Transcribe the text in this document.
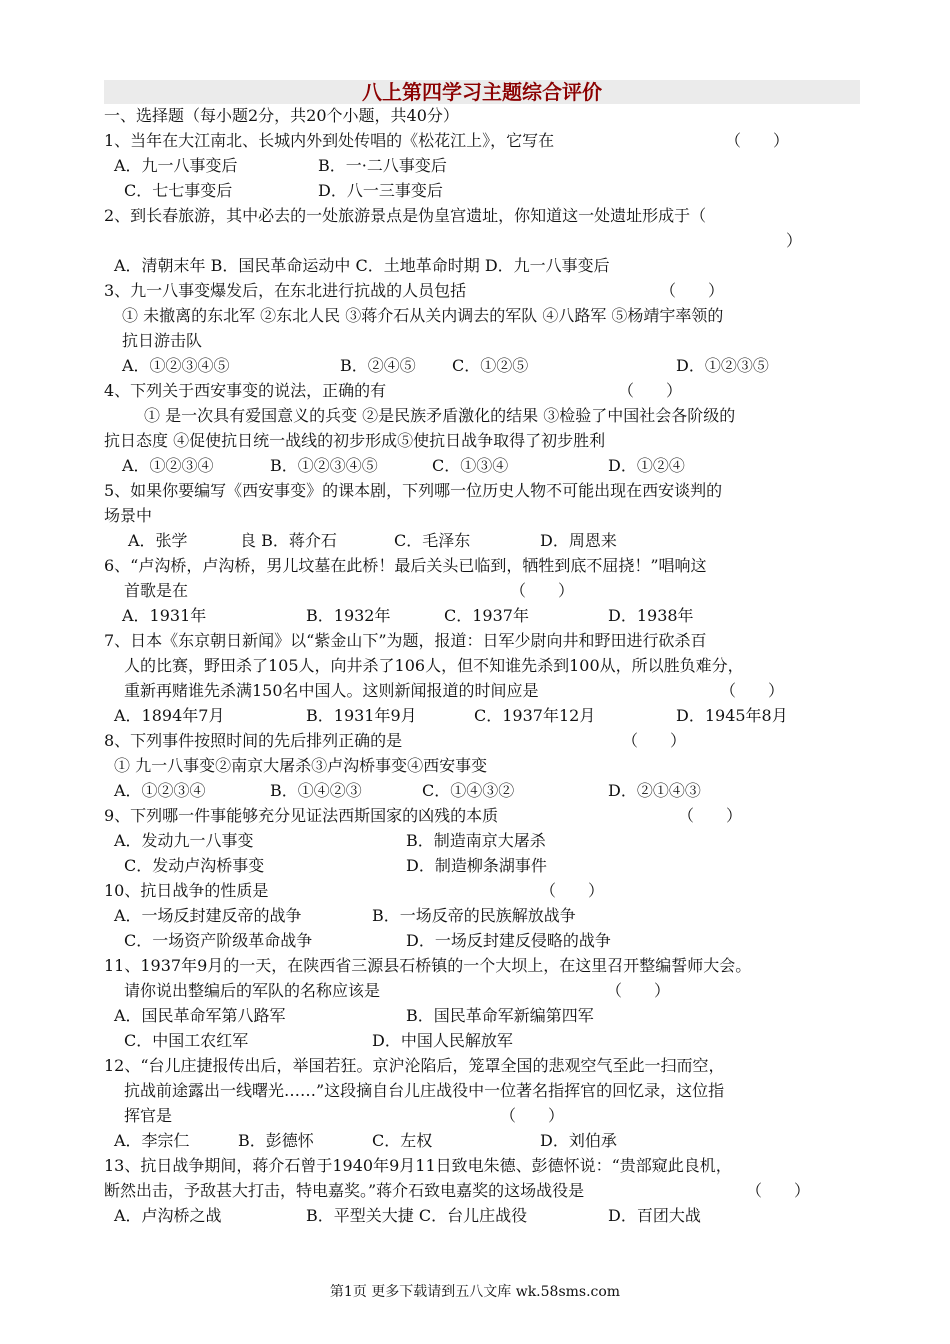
八上第四学习主题综合评价
一、选择题（每小题2分，共20个小题，共40分）
1、当年在大江南北、长城内外到处传唱的《松花江上》，它写在	（　　）
A．九一八事变后	B．一·二八事变后
C．七七事变后	D．八一三事变后
2、到长春旅游，其中必去的一处旅游景点是伪皇宫遗址，你知道这一处遗址形成于（
）
A．清朝末年 B．国民革命运动中 C．土地革命时期 D．九一八事变后
3、九一八事变爆发后，在东北进行抗战的人员包括	（　　）
① 未撤离的东北军 ②东北人民 ③蒋介石从关内调去的军队 ④八路军 ⑤杨靖宇率领的
抗日游击队
A．①②③④⑤	B．②④⑤ C．①②⑤	D．①②③⑤
4、下列关于西安事变的说法，正确的有	（　　）
① 是一次具有爱国意义的兵变 ②是民族矛盾激化的结果 ③检验了中国社会各阶级的
抗日态度 ④促使抗日统一战线的初步形成⑤使抗日战争取得了初步胜利
A．①②③④	B．①②③④⑤	C．①③④	D．①②④
5、如果你要编写《西安事变》的课本剧，下列哪一位历史人物不可能出现在西安谈判的
场景中
A．张学	良 B．蒋介石	C．毛泽东	D．周恩来
6、“卢沟桥，卢沟桥，男儿坟墓在此桥！最后关头已临到，牺牲到底不屈挠！”唱响这
首歌是在	（　　）
A．1931年	B．1932年	C．1937年	D．1938年
7、日本《东京朝日新闻》以“紫金山下”为题，报道：日军少尉向井和野田进行砍杀百
人的比赛，野田杀了105人，向井杀了106人，但不知谁先杀到100从，所以胜负难分，
重新再赌谁先杀满150名中国人。这则新闻报道的时间应是	（　　）
A．1894年7月	B．1931年9月	C．1937年12月	D．1945年8月
8、下列事件按照时间的先后排列正确的是	（　　）
① 九一八事变②南京大屠杀③卢沟桥事变④西安事变
A．①②③④	B．①④②③	C．①④③②	D．②①④③
9、下列哪一件事能够充分见证法西斯国家的凶残的本质	（　　）
A．发动九一八事变	B．制造南京大屠杀
C．发动卢沟桥事变	D．制造柳条湖事件
10、抗日战争的性质是	（　　）
A．一场反封建反帝的战争	B．一场反帝的民族解放战争
C．一场资产阶级革命战争	D．一场反封建反侵略的战争
11、1937年9月的一天，在陕西省三源县石桥镇的一个大坝上，在这里召开整编誓师大会。
请你说出整编后的军队的名称应该是	（　　）
A．国民革命军第八路军	B．国民革命军新编第四军
C．中国工农红军	D．中国人民解放军
12、“台儿庄捷报传出后，举国若狂。京沪沦陷后，笼罩全国的悲观空气至此一扫而空，
抗战前途露出一线曙光……”这段摘自台儿庄战役中一位著名指挥官的回忆录，这位指
挥官是	（　　）
A．李宗仁	B．彭德怀	C．左权	D．刘伯承
13、抗日战争期间，蒋介石曾于1940年9月11日致电朱德、彭德怀说：“贵部窥此良机，
断然出击，予敌甚大打击，特电嘉奖。”蒋介石致电嘉奖的这场战役是	（　　）
A．卢沟桥之战	B．平型关大捷 C．台儿庄战役	D．百团大战
第1页 更多下载请到五八文库 wk.58sms.com
